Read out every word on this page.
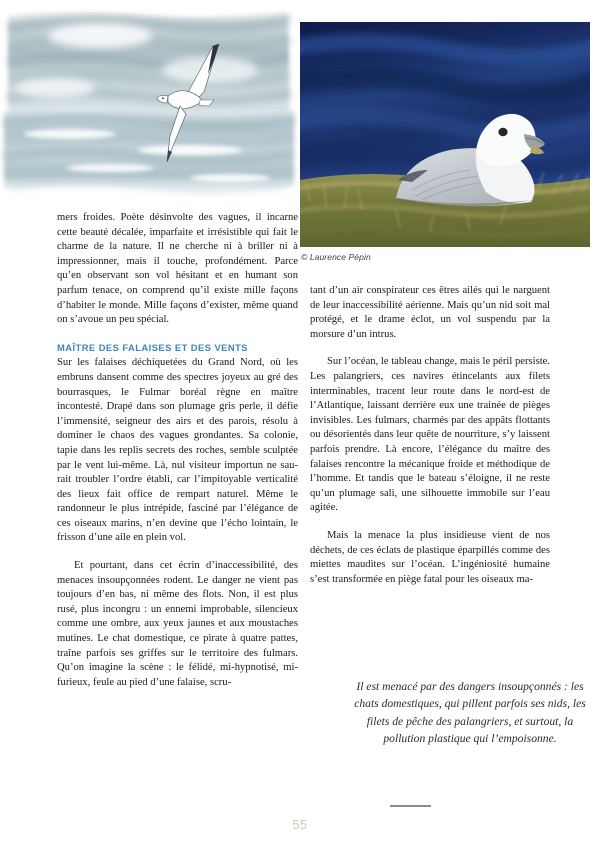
© Laurence Pépin

mers froides. Poète désinvolte des vagues, il incarne cette beauté décalée, imparfaite et irrésistible qui fait le charme de la nature. Il ne cherche ni à briller ni à impressionner, mais il touche, profondément. Parce qu’en observant son vol hésitant et en humant son parfum tenace, on comprend qu’il existe mille façons d’habiter le monde. Mille façons d’exister, même quand on s’avoue un peu spécial.

MAÎTRE DES FALAISES ET DES VENTS

Sur les falaises déchiquetées du Grand Nord, où les embruns dansent comme des spectres joyeux au gré des bourrasques, le Fulmar boréal règne en maître incontesté. Drapé dans son plumage gris perle, il défie l’immensité, seigneur des airs et des parois, résolu à dominer le chaos des vagues grondantes. Sa colonie, tapie dans les replis secrets des roches, semble sculptée par le vent lui-même. Là, nul visiteur importun ne saurait troubler l’ordre établi, car l’impitoyable verticalité des lieux fait office de rempart naturel. Même le randonneur le plus intrépide, fasciné par l’élégance de ces oiseaux marins, n’en devine que l’écho lointain, le frisson d’une aile en plein vol.

Et pourtant, dans cet écrin d’inaccessibilité, des menaces insoupçonnées rodent. Le danger ne vient pas toujours d’en bas, ni même des flots. Non, il est plus rusé, plus incongru : un ennemi improbable, silencieux comme une ombre, aux yeux jaunes et aux moustaches mutines. Le chat domestique, ce pirate à quatre pattes, traîne parfois ses griffes sur le territoire des fulmars. Qu’on imagine la scène : le félidé, mi-hypnotisé, mi-furieux, feule au pied d’une falaise, scru-

tant d’un air conspirateur ces êtres ailés qui le narguent de leur inaccessibilité aérienne. Mais qu’un nid soit mal protégé, et le drame éclot, un vol suspendu par la morsure d’un intrus.

Sur l’océan, le tableau change, mais le péril persiste. Les palangriers, ces navires étincelants aux filets interminables, tracent leur route dans le nord-est de l’Atlantique, laissant derrière eux une trainée de pièges invisibles. Les fulmars, charmés par des appâts flottants ou désorientés dans leur quête de nourriture, s’y laissent parfois prendre. Là encore, l’élégance du maître des falaises rencontre la mécanique froide et méthodique de l’homme. Et tandis que le bateau s’éloigne, il ne reste qu’un plumage sali, une silhouette immobile sur l’eau agitée.

Mais la menace la plus insidieuse vient de nos déchets, de ces éclats de plastique éparpillés comme des miettes maudites sur l’océan. L’ingéniosité humaine s’est transformée en piège fatal pour les oiseaux ma-

Il est menacé par des dangers insoupçonnés : les chats domestiques, qui pillent parfois ses nids, les filets de pêche des palangriers, et surtout, la pollution plastique qui l’empoisonne.
55
